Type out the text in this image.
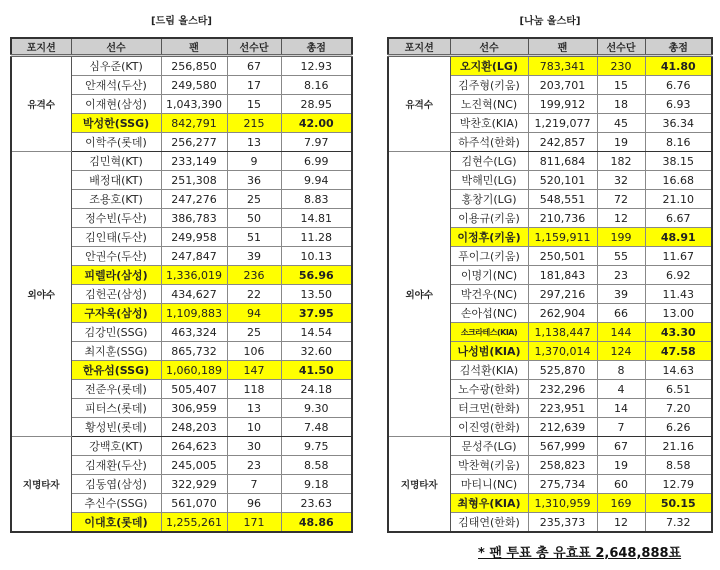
[드림 올스타]
포지션	선수	팬	선수단	총점
유격수	심우준(KT)	256,850	67	12.93
	안재석(두산)	249,580	17	8.16
	이재현(삼성)	1,043,390	15	28.95
	박성한(SSG)	842,791	215	42.00
	이학주(롯데)	256,277	13	7.97
외야수	김민혁(KT)	233,149	9	6.99
	배정대(KT)	251,308	36	9.94
	조용호(KT)	247,276	25	8.83
	정수빈(두산)	386,783	50	14.81
	김인태(두산)	249,958	51	11.28
	안권수(두산)	247,847	39	10.13
	피렐라(삼성)	1,336,019	236	56.96
	김헌곤(삼성)	434,627	22	13.50
	구자욱(삼성)	1,109,883	94	37.95
	김강민(SSG)	463,324	25	14.54
	최지훈(SSG)	865,732	106	32.60
	한유섬(SSG)	1,060,189	147	41.50
	전준우(롯데)	505,407	118	24.18
	피터스(롯데)	306,959	13	9.30
	황성빈(롯데)	248,203	10	7.48
지명타자	강백호(KT)	264,623	30	9.75
	김재환(두산)	245,005	23	8.58
	김동엽(삼성)	322,929	7	9.18
	추신수(SSG)	561,070	96	23.63
	이대호(롯데)	1,255,261	171	48.86
[나눔 올스타]
포지션	선수	팬	선수단	총점
유격수	오지환(LG)	783,341	230	41.80
	김주형(키움)	203,701	15	6.76
	노진혁(NC)	199,912	18	6.93
	박찬호(KIA)	1,219,077	45	36.34
	하주석(한화)	242,857	19	8.16
외야수	김현수(LG)	811,684	182	38.15
	박해민(LG)	520,101	32	16.68
	홍창기(LG)	548,551	72	21.10
	이용규(키움)	210,736	12	6.67
	이정후(키움)	1,159,911	199	48.91
	푸이그(키움)	250,501	55	11.67
	이명기(NC)	181,843	23	6.92
	박건우(NC)	297,216	39	11.43
	손아섭(NC)	262,904	66	13.00
	소크라테스(KIA)	1,138,447	144	43.30
	나성범(KIA)	1,370,014	124	47.58
	김석환(KIA)	525,870	8	14.63
	노수광(한화)	232,296	4	6.51
	터크먼(한화)	223,951	14	7.20
	이진영(한화)	212,639	7	6.26
지명타자	문성주(LG)	567,999	67	21.16
	박찬혁(키움)	258,823	19	8.58
	마티니(NC)	275,734	60	12.79
	최형우(KIA)	1,310,959	169	50.15
	김태연(한화)	235,373	12	7.32
* 팬 투표 총 유효표 2,648,888표
